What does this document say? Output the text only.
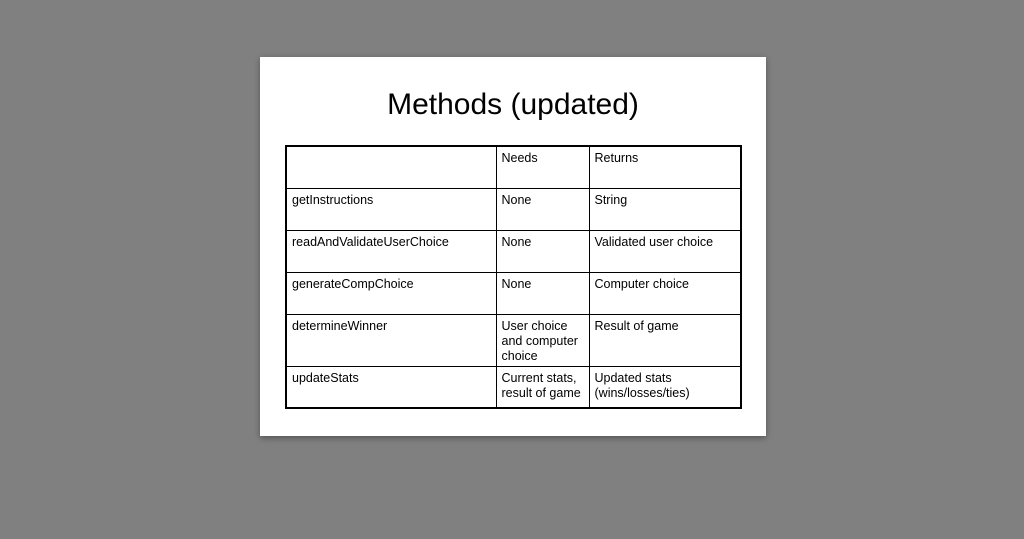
Methods (updated)
	Needs	Returns
getInstructions	None	String
readAndValidateUserChoice	None	Validated user choice
generateCompChoice	None	Computer choice
determineWinner	User choice and computer choice	Result of game
updateStats	Current stats, result of game	Updated stats (wins/losses/ties)
